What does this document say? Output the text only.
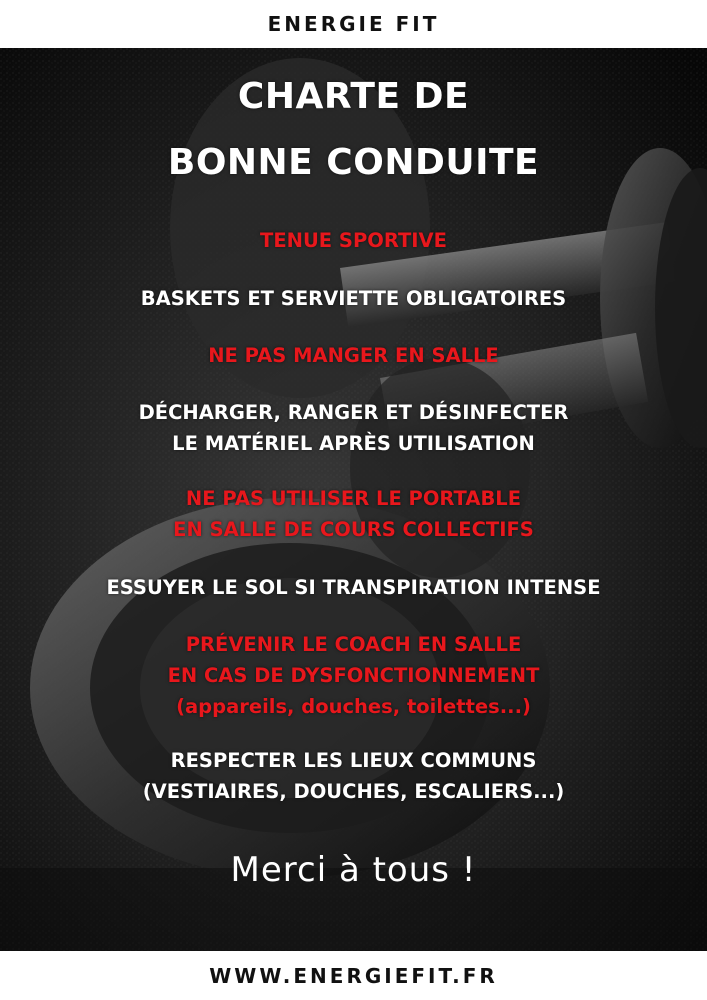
ENERGIE FIT
CHARTE DE
BONNE CONDUITE
TENUE SPORTIVE
BASKETS ET SERVIETTE OBLIGATOIRES
NE PAS MANGER EN SALLE
DÉCHARGER, RANGER ET DÉSINFECTER
LE MATÉRIEL APRÈS UTILISATION
NE PAS UTILISER LE PORTABLE
EN SALLE DE COURS COLLECTIFS
ESSUYER LE SOL SI TRANSPIRATION INTENSE
PRÉVENIR LE COACH EN SALLE
EN CAS DE DYSFONCTIONNEMENT
(appareils, douches, toilettes...)
RESPECTER LES LIEUX COMMUNS
(VESTIAIRES, DOUCHES, ESCALIERS...)
Merci à tous !
WWW.ENERGIEFIT.FR
